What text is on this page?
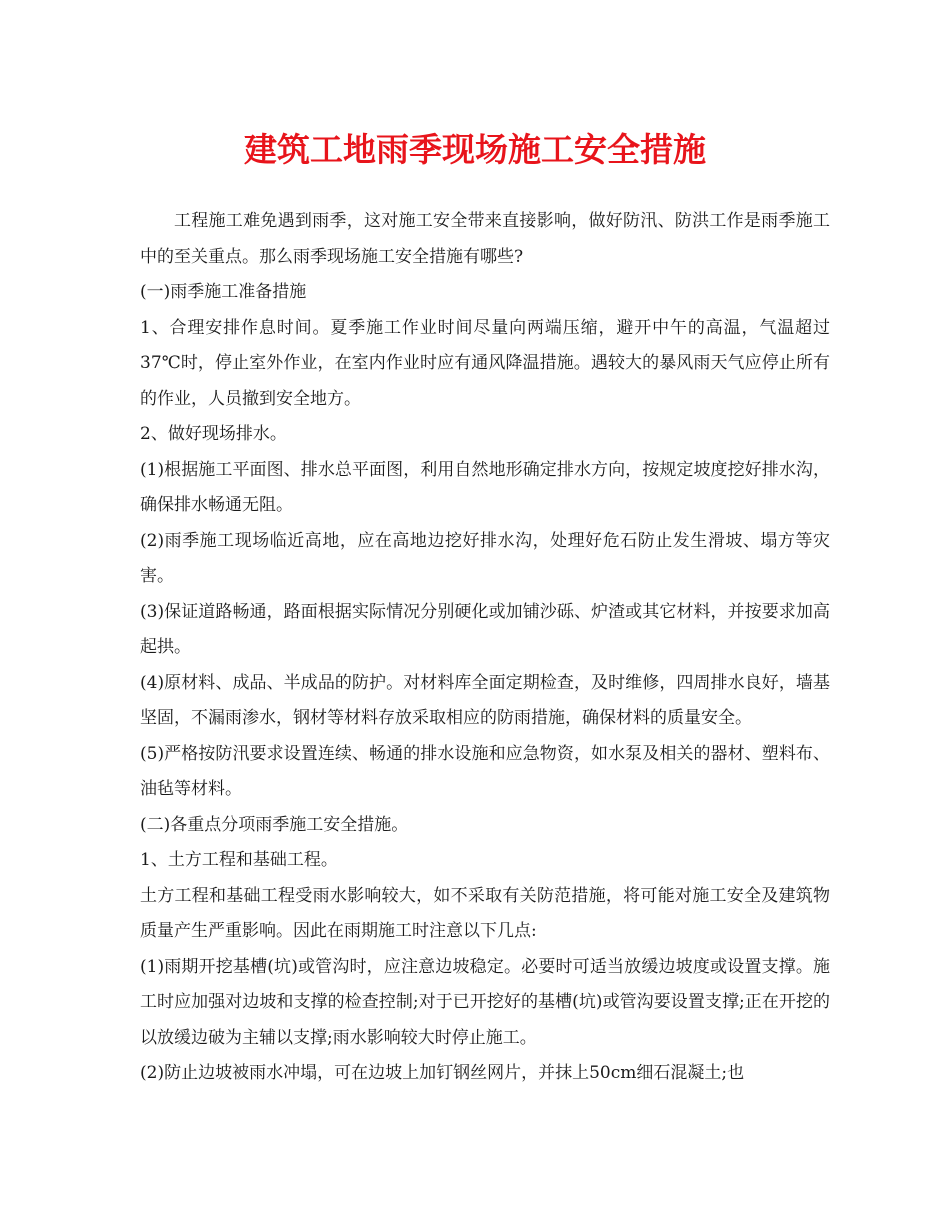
建筑工地雨季现场施工安全措施

工程施工难免遇到雨季，这对施工安全带来直接影响，做好防汛、防洪工作是雨季施工中的至关重点。那么雨季现场施工安全措施有哪些?

(一)雨季施工准备措施

1、合理安排作息时间。夏季施工作业时间尽量向两端压缩，避开中午的高温，气温超过37℃时，停止室外作业，在室内作业时应有通风降温措施。遇较大的暴风雨天气应停止所有的作业，人员撤到安全地方。

2、做好现场排水。

(1)根据施工平面图、排水总平面图，利用自然地形确定排水方向，按规定坡度挖好排水沟，确保排水畅通无阻。

(2)雨季施工现场临近高地，应在高地边挖好排水沟，处理好危石防止发生滑坡、塌方等灾害。

(3)保证道路畅通，路面根据实际情况分别硬化或加铺沙砾、炉渣或其它材料，并按要求加高起拱。

(4)原材料、成品、半成品的防护。对材料库全面定期检查，及时维修，四周排水良好，墙基坚固，不漏雨渗水，钢材等材料存放采取相应的防雨措施，确保材料的质量安全。

(5)严格按防汛要求设置连续、畅通的排水设施和应急物资，如水泵及相关的器材、塑料布、油毡等材料。

(二)各重点分项雨季施工安全措施。

1、土方工程和基础工程。

土方工程和基础工程受雨水影响较大，如不采取有关防范措施，将可能对施工安全及建筑物质量产生严重影响。因此在雨期施工时注意以下几点:

(1)雨期开挖基槽(坑)或管沟时，应注意边坡稳定。必要时可适当放缓边坡度或设置支撑。施工时应加强对边坡和支撑的检查控制;对于已开挖好的基槽(坑)或管沟要设置支撑;正在开挖的以放缓边破为主辅以支撑;雨水影响较大时停止施工。

(2)防止边坡被雨水冲塌，可在边坡上加钉钢丝网片，并抹上50cm细石混凝土;也
